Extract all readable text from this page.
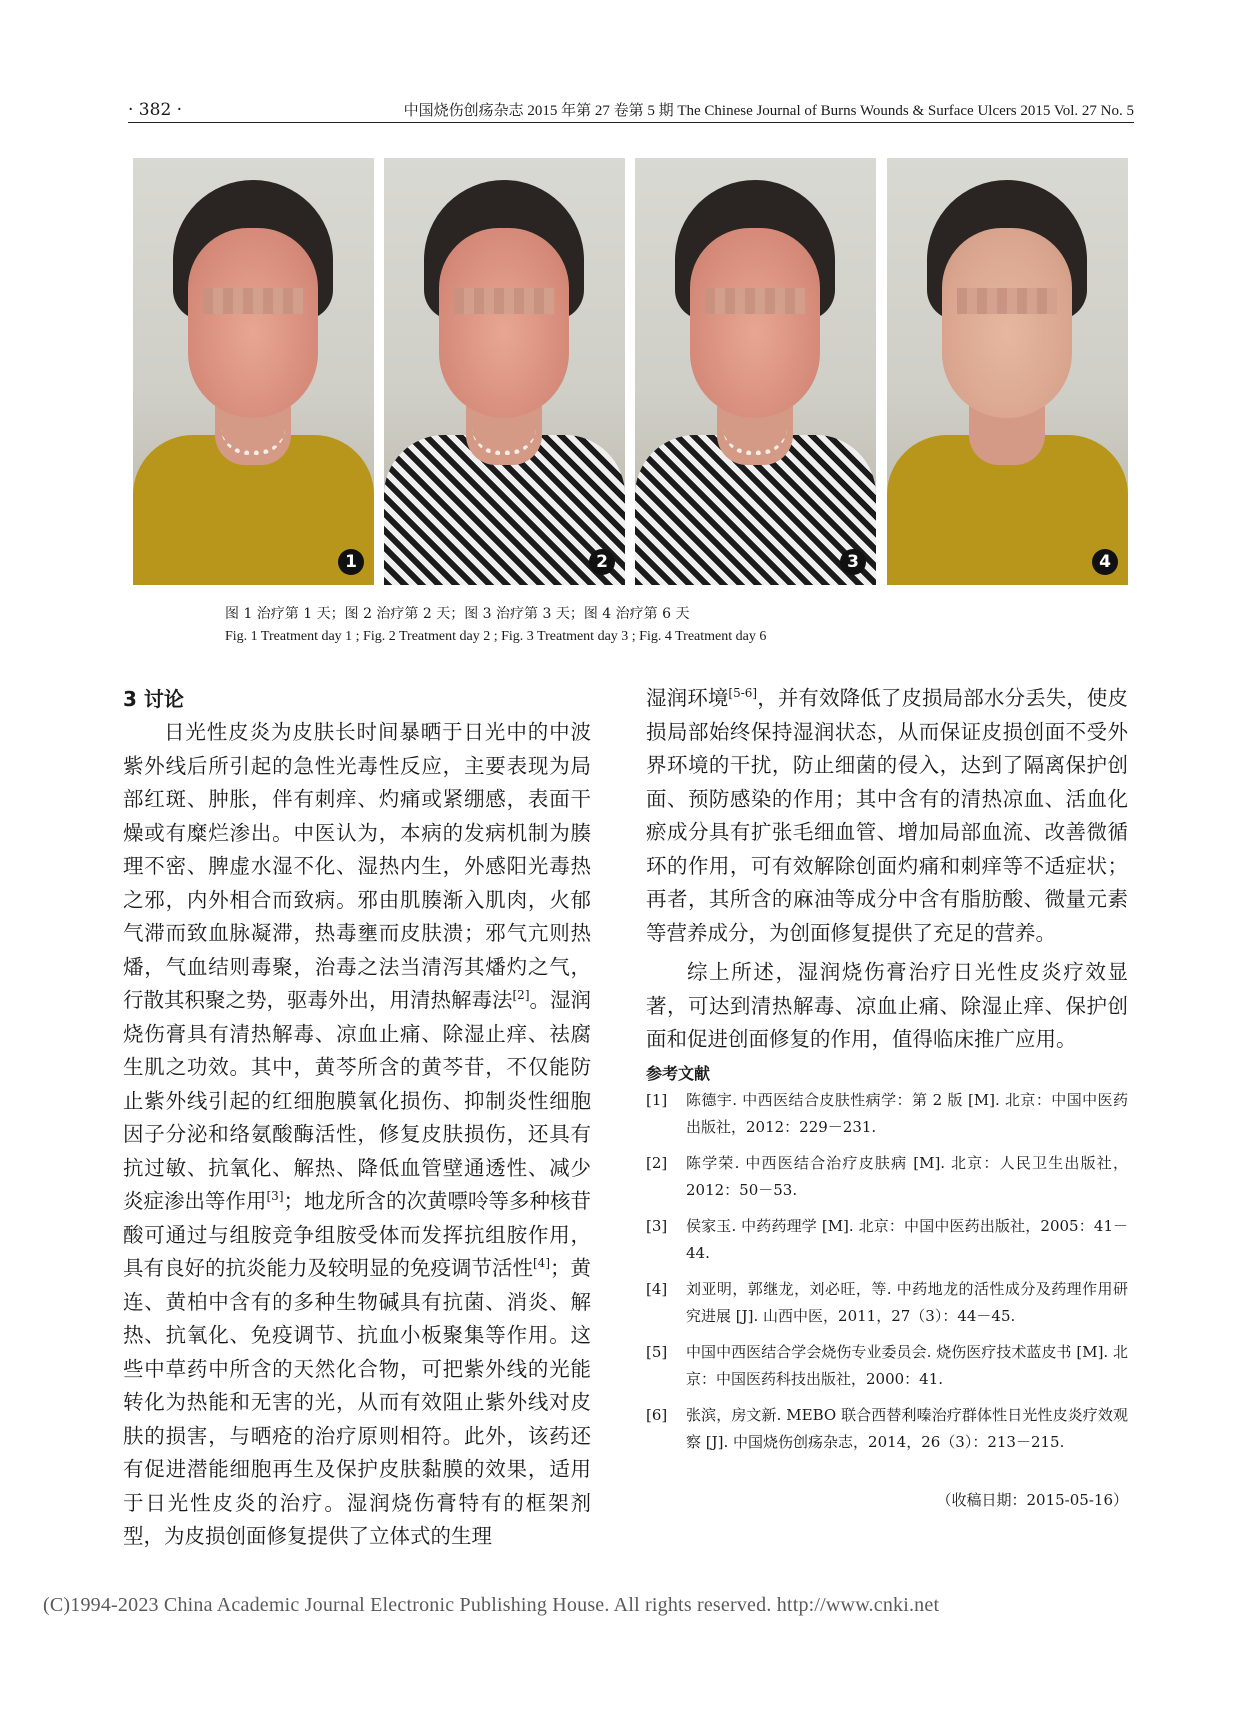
· 382 ·	中国烧伤创疡杂志 2015 年第 27 卷第 5 期 The Chinese Journal of Burns Wounds & Surface Ulcers 2015 Vol. 27 No. 5
1	2	3	4
图 1 治疗第 1 天；图 2 治疗第 2 天；图 3 治疗第 3 天；图 4 治疗第 6 天
Fig. 1 Treatment day 1 ; Fig. 2 Treatment day 2 ; Fig. 3 Treatment day 3 ; Fig. 4 Treatment day 6
3 讨论

日光性皮炎为皮肤长时间暴晒于日光中的中波紫外线后所引起的急性光毒性反应，主要表现为局部红斑、肿胀，伴有刺痒、灼痛或紧绷感，表面干燥或有糜烂渗出。中医认为，本病的发病机制为腠理不密、脾虚水湿不化、湿热内生，外感阳光毒热之邪，内外相合而致病。邪由肌腠渐入肌肉，火郁气滞而致血脉凝滞，热毒壅而皮肤溃；邪气亢则热燔，气血结则毒聚，治毒之法当清泻其燔灼之气，行散其积聚之势，驱毒外出，用清热解毒法[2]。湿润烧伤膏具有清热解毒、凉血止痛、除湿止痒、祛腐生肌之功效。其中，黄芩所含的黄芩苷，不仅能防止紫外线引起的红细胞膜氧化损伤、抑制炎性细胞因子分泌和络氨酸酶活性，修复皮肤损伤，还具有抗过敏、抗氧化、解热、降低血管壁通透性、减少炎症渗出等作用[3]；地龙所含的次黄嘌呤等多种核苷酸可通过与组胺竞争组胺受体而发挥抗组胺作用，具有良好的抗炎能力及较明显的免疫调节活性[4]；黄连、黄柏中含有的多种生物碱具有抗菌、消炎、解热、抗氧化、免疫调节、抗血小板聚集等作用。这些中草药中所含的天然化合物，可把紫外线的光能转化为热能和无害的光，从而有效阻止紫外线对皮肤的损害，与晒疮的治疗原则相符。此外，该药还有促进潜能细胞再生及保护皮肤黏膜的效果，适用于日光性皮炎的治疗。湿润烧伤膏特有的框架剂型，为皮损创面修复提供了立体式的生理

湿润环境[5-6]，并有效降低了皮损局部水分丢失，使皮损局部始终保持湿润状态，从而保证皮损创面不受外界环境的干扰，防止细菌的侵入，达到了隔离保护创面、预防感染的作用；其中含有的清热凉血、活血化瘀成分具有扩张毛细血管、增加局部血流、改善微循环的作用，可有效解除创面灼痛和刺痒等不适症状；再者，其所含的麻油等成分中含有脂肪酸、微量元素等营养成分，为创面修复提供了充足的营养。

综上所述，湿润烧伤膏治疗日光性皮炎疗效显著，可达到清热解毒、凉血止痛、除湿止痒、保护创面和促进创面修复的作用，值得临床推广应用。

参考文献
[1] 陈德宇. 中西医结合皮肤性病学：第 2 版 [M]. 北京：中国中医药出版社，2012：229－231.
[2] 陈学荣. 中西医结合治疗皮肤病 [M]. 北京：人民卫生出版社，2012：50－53.
[3] 侯家玉. 中药药理学 [M]. 北京：中国中医药出版社，2005：41－44.
[4] 刘亚明，郭继龙，刘必旺，等. 中药地龙的活性成分及药理作用研究进展 [J]. 山西中医，2011，27（3）：44－45.
[5] 中国中西医结合学会烧伤专业委员会. 烧伤医疗技术蓝皮书 [M]. 北京：中国医药科技出版社，2000：41.
[6] 张滨，房文新. MEBO 联合西替利嗪治疗群体性日光性皮炎疗效观察 [J]. 中国烧伤创疡杂志，2014，26（3）：213－215.
（收稿日期：2015-05-16）
(C)1994-2023 China Academic Journal Electronic Publishing House. All rights reserved. http://www.cnki.net
